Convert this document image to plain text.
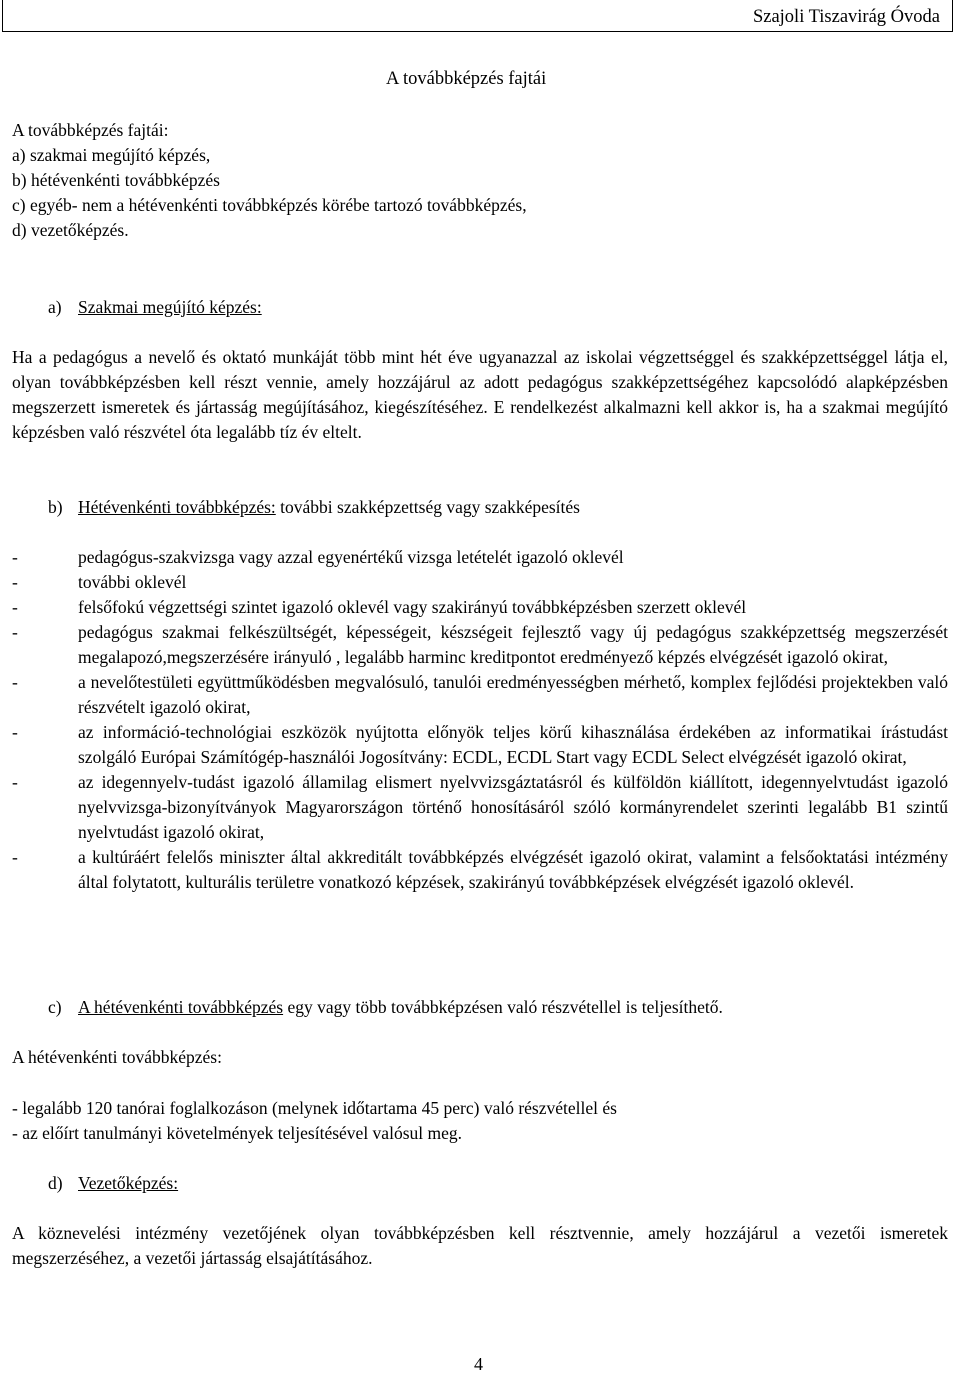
Szajoli Tiszavirág Óvoda
A továbbképzés fajtái
A továbbképzés fajtái:
a) szakmai megújító képzés,
b) hétévenkénti továbbképzés
c) egyéb- nem a hétévenkénti továbbképzés körébe tartozó továbbképzés,
d) vezetőképzés.
a) Szakmai megújító képzés:
Ha a pedagógus a nevelő és oktató munkáját több mint hét éve ugyanazzal az iskolai végzettséggel és szakképzettséggel látja el, olyan továbbképzésben kell részt vennie, amely hozzájárul az adott pedagógus szakképzettségéhez kapcsolódó alapképzésben megszerzett ismeretek és jártasság megújításához, kiegészítéséhez. E rendelkezést alkalmazni kell akkor is, ha a szakmai megújító képzésben való részvétel óta legalább tíz év eltelt.
b) Hétévenkénti továbbképzés: további szakképzettség vagy szakképesítés
-	pedagógus-szakvizsga vagy azzal egyenértékű vizsga letételét igazoló oklevél
-	további oklevél
-	felsőfokú végzettségi szintet igazoló oklevél vagy szakirányú továbbképzésben szerzett oklevél
-	pedagógus szakmai felkészültségét, képességeit, készségeit fejlesztő vagy új pedagógus szakképzettség megszerzését megalapozó,megszerzésére irányuló , legalább harminc kreditpontot eredményező képzés elvégzését igazoló okirat,
-	a nevelőtestületi együttműködésben megvalósuló, tanulói eredményességben mérhető, komplex fejlődési projektekben való részvételt igazoló okirat,
-	az információ-technológiai eszközök nyújtotta előnyök teljes körű kihasználása érdekében az informatikai írástudást szolgáló Európai Számítógép-használói Jogosítvány: ECDL, ECDL Start vagy ECDL Select elvégzését igazoló okirat,
-	az idegennyelv-tudást igazoló államilag elismert nyelvvizsgáztatásról és külföldön kiállított, idegennyelvtudást igazoló nyelvvizsga-bizonyítványok Magyarországon történő honosításáról szóló kormányrendelet szerinti legalább B1 szintű nyelvtudást igazoló okirat,
-	a kultúráért felelős miniszter által akkreditált továbbképzés elvégzését igazoló okirat, valamint a felsőoktatási intézmény által folytatott, kulturális területre vonatkozó képzések, szakirányú továbbképzések elvégzését igazoló oklevél.
c) A hétévenkénti továbbképzés egy vagy több továbbképzésen való részvétellel is teljesíthető.
A hétévenkénti továbbképzés:
- legalább 120 tanórai foglalkozáson (melynek időtartama 45 perc) való részvétellel és
- az előírt tanulmányi követelmények teljesítésével valósul meg.
d) Vezetőképzés:
A köznevelési intézmény vezetőjének olyan továbbképzésben kell résztvennie, amely hozzájárul a vezetői ismeretek megszerzéséhez, a vezetői jártasság elsajátításához.
4
